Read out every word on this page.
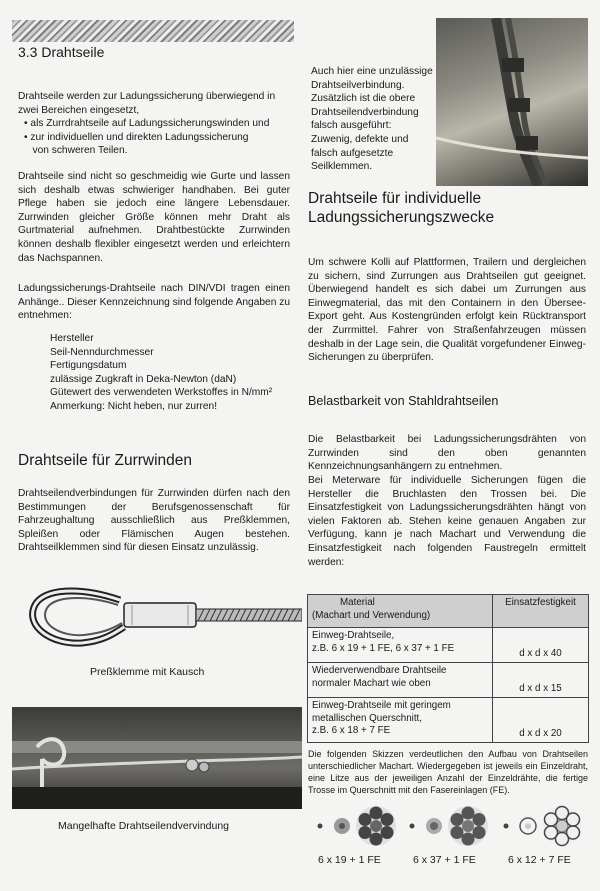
3.3 Drahtseile
Drahtseile werden zur Ladungssicherung überwiegend in
zwei Bereichen eingesetzt,
• als Zurrdrahtseile auf Ladungssicherungswinden und
• zur individuellen und direkten Ladungssicherung
von schweren Teilen.
Drahtseile sind nicht so geschmeidig wie Gurte und lassen sich deshalb etwas schwieriger handhaben. Bei guter Pflege haben sie jedoch eine längere Lebensdauer. Zurrwinden gleicher Größe können mehr Draht als Gurtmaterial aufnehmen. Drahtbestückte Zurrwinden können deshalb flexibler eingesetzt werden und erleichtern das Nachspannen.
Ladungssicherungs-Drahtseile nach DIN/VDI tragen einen Anhänge.. Dieser Kennzeichnung sind folgende Angaben zu entnehmen:
Hersteller
Seil-Nenndurchmesser
Fertigungsdatum
zulässige Zugkraft in Deka-Newton (daN)
Gütewert des verwendeten Werkstoffes in N/mm²
Anmerkung: Nicht heben, nur zurren!
Drahtseile für Zurrwinden
Drahtseilendverbindungen für Zurrwinden dürfen nach den Bestimmungen der Berufsgenossenschaft für Fahrzeughaltung ausschließlich aus Preßklemmen, Spleißen oder Flämischen Augen bestehen. Drahtseilklemmen sind für diesen Einsatz unzulässig.
Preßklemme mit Kausch
Mangelhafte Drahtseilendvervindung
Auch hier eine unzulässige Drahtseilverbindung. Zusätzlich ist die obere Drahtseilendverbindung falsch ausgeführt: Zuwenig, defekte und falsch aufgesetzte Seilklemmen.
Drahtseile für individuelle Ladungssicherungszwecke
Um schwere Kolli auf Plattformen, Trailern und dergleichen zu sichern, sind Zurrungen aus Drahtseilen gut geeignet. Überwiegend handelt es sich dabei um Zurrungen aus Einwegmaterial, das mit den Containern in den Übersee-Export geht. Aus Kostengründen erfolgt kein Rücktransport der Zurrmittel. Fahrer von Straßenfahrzeugen müssen deshalb in der Lage sein, die Qualität vorgefundener Einweg-Sicherungen zu überprüfen.
Belastbarkeit von Stahldrahtseilen
Die Belastbarkeit bei Ladungssicherungsdrähten von Zurrwinden sind den oben genannten Kennzeichnungsanhängern zu entnehmen.
Bei Meterware für individuelle Sicherungen fügen die Hersteller die Bruchlasten den Trossen bei. Die Einsatzfestigkeit von Ladungssicherungsdrähten hängt von vielen Faktoren ab. Stehen keine genauen Angaben zur Verfügung, kann je nach Machart und Verwendung die Einsatzfestigkeit nach folgenden Faustregeln ermittelt werden:
Material
(Machart und Verwendung)	Einsatzfestigkeit

Einweg-Drahtseile,
z.B. 6 x 19 + 1 FE, 6 x 37 + 1 FE	d x d x 40

Wiederverwendbare Drahtseile
normaler Machart wie oben	d x d x 15

Einweg-Drahtseile mit geringem
metallischen Querschnitt,
z.B. 6 x 18 + 7 FE	d x d x 20
Die folgenden Skizzen verdeutlichen den Aufbau von Drahtseilen unterschiedlicher Machart. Wiedergegeben ist jeweils ein Einzeldraht, eine Litze aus der jeweiligen Anzahl der Einzeldrähte, die fertige Trosse im Querschnitt mit den Fasereinlagen (FE).
6 x 19 + 1 FE	6 x 37 + 1 FE	6 x 12 + 7 FE
